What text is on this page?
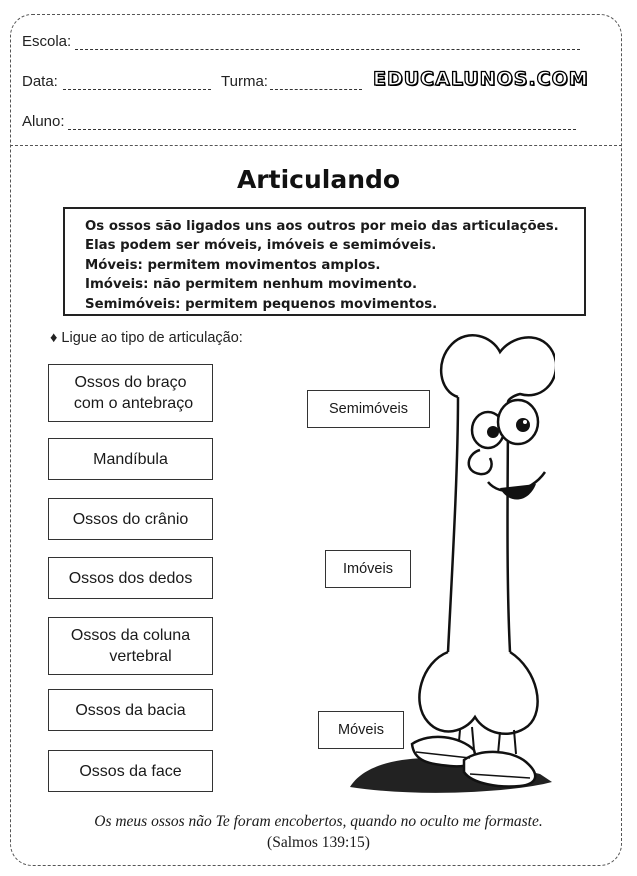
Escola:
Data:	Turma:	EDUCALUNOS.COM
Aluno:
Articulando
Os ossos são ligados uns aos outros por meio das articulações.
Elas podem ser móveis, imóveis e semimóveis.
Móveis: permitem movimentos amplos.
Imóveis: não permitem nenhum movimento.
Semimóveis: permitem pequenos movimentos.
♦ Ligue ao tipo de articulação:
Ossos do braço
com o antebraço
Mandíbula
Ossos do crânio
Ossos dos dedos
Ossos da coluna
vertebral
Ossos da bacia
Ossos da face
Semimóveis
Imóveis
Móveis
Os meus ossos não Te foram encobertos, quando no oculto me formaste.
(Salmos 139:15)
